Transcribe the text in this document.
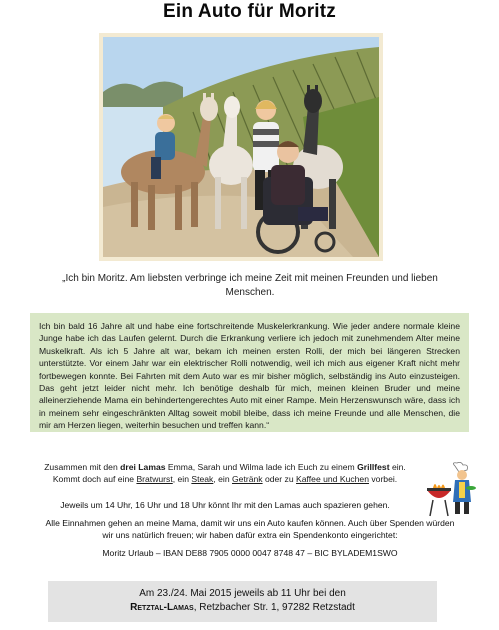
Ein Auto für Moritz
„Ich bin Moritz. Am liebsten verbringe ich meine Zeit mit meinen Freunden und lieben Menschen.

Ich bin bald 16 Jahre alt und habe eine fortschreitende Muskelerkrankung. Wie jeder andere normale kleine Junge habe ich das Laufen gelernt. Durch die Erkrankung verliere ich jedoch mit zunehmendem Alter meine Muskelkraft. Als ich 5 Jahre alt war, bekam ich meinen ersten Rolli, der mich bei längeren Strecken unterstützte. Vor einem Jahr war ein elektrischer Rolli notwendig, weil ich mich aus eigener Kraft nicht mehr fortbewegen konnte. Bei Fahrten mit dem Auto war es mir bisher möglich, selbständig ins Auto einzusteigen. Das geht jetzt leider nicht mehr. Ich benötige deshalb für mich, meinen kleinen Bruder und meine alleinerziehende Mama ein behindertengerechtes Auto mit einer Rampe. Mein Herzenswunsch wäre, dass ich in meinem sehr eingeschränkten Alltag soweit mobil bleibe, dass ich meine Freunde und alle Menschen, die mir am Herzen liegen, weiterhin besuchen und treffen kann.“

Zusammen mit den drei Lamas Emma, Sarah und Wilma lade ich Euch zu einem Grillfest ein. Kommt doch auf eine Bratwurst, ein Steak, ein Getränk oder zu Kaffee und Kuchen vorbei.
Jeweils um 14 Uhr, 16 Uhr und 18 Uhr könnt Ihr mit den Lamas auch spazieren gehen.
Alle Einnahmen gehen an meine Mama, damit wir uns ein Auto kaufen können. Auch über Spenden würden wir uns natürlich freuen; wir haben dafür extra ein Spendenkonto eingerichtet:
Moritz Urlaub – IBAN DE88 7905 0000 0047 8748 47 – BIC BYLADEM1SWO
Am 23./24. Mai 2015 jeweils ab 11 Uhr bei den
Retztal-Lamas, Retzbacher Str. 1, 97282 Retzstadt
